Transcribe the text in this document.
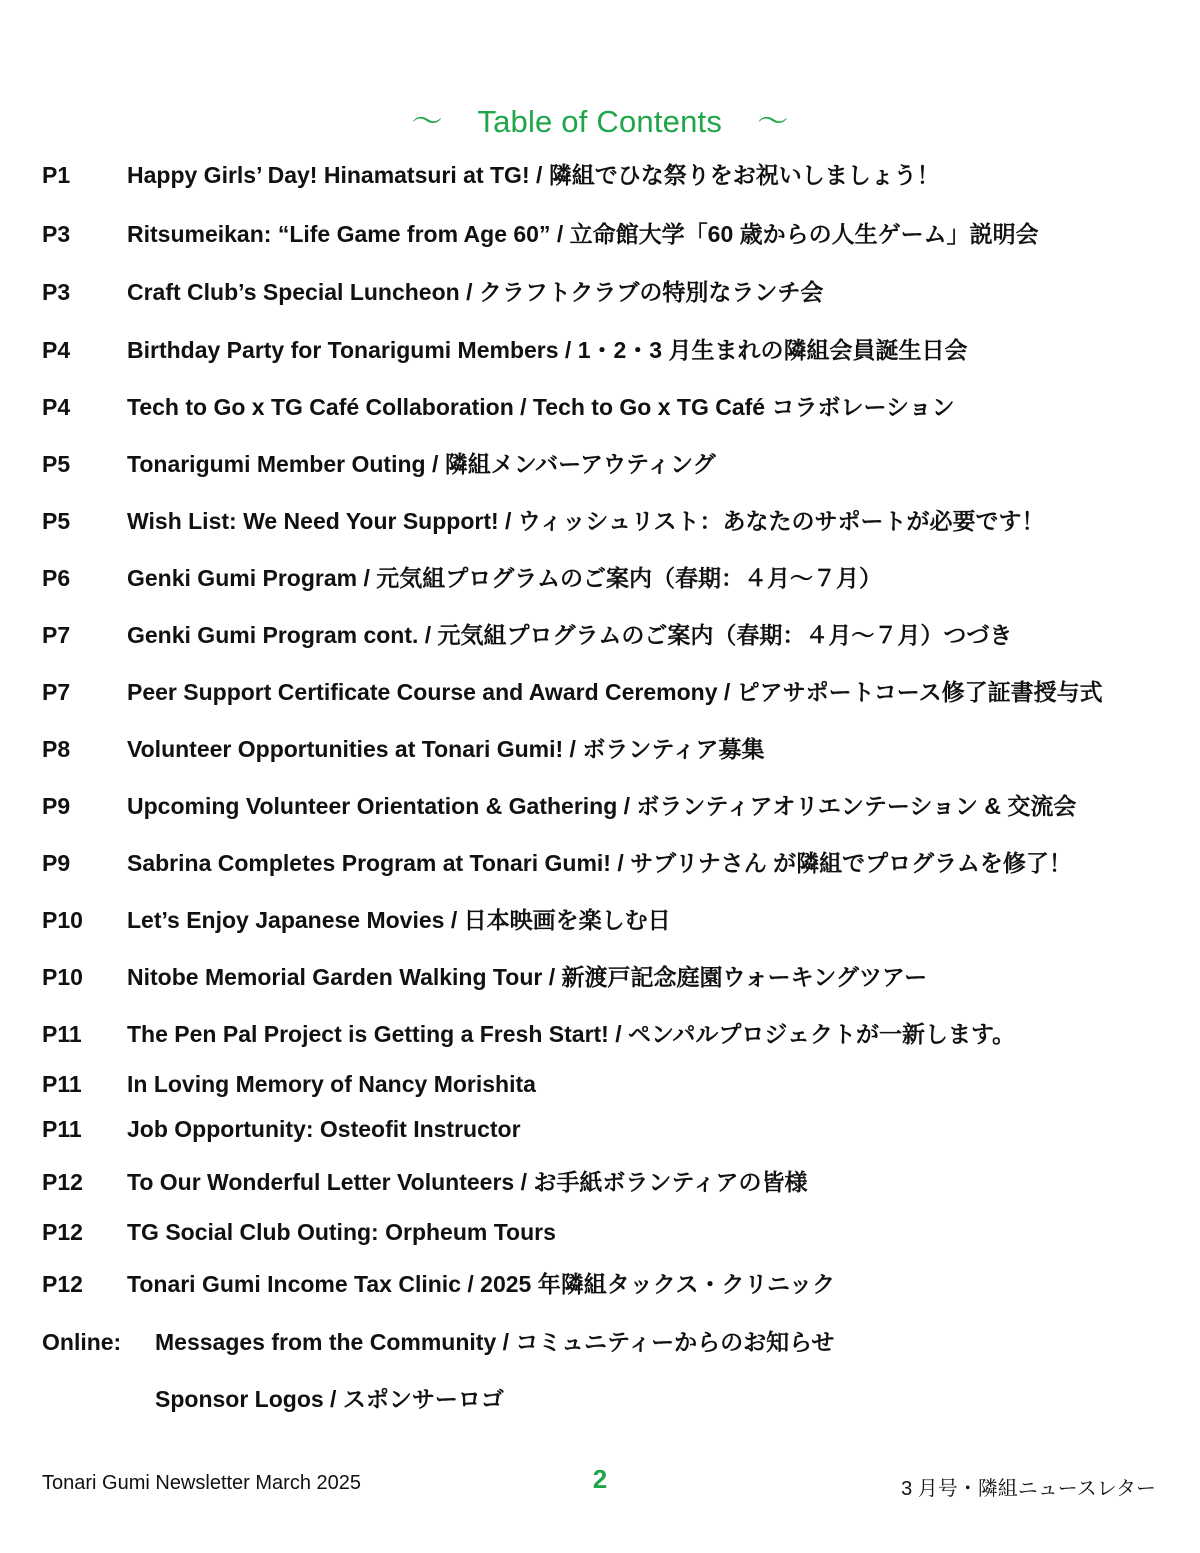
～    Table of Contents    ～
P1 Happy Girls’ Day! Hinamatsuri at TG! / 隣組でひな祭りをお祝いしましょう！
P3 Ritsumeikan: “Life Game from Age 60” / 立命館大学「60 歳からの人生ゲーム」説明会
P3 Craft Club’s Special Luncheon / クラフトクラブの特別なランチ会
P4 Birthday Party for Tonarigumi Members / 1・2・3 月生まれの隣組会員誕生日会
P4 Tech to Go x TG Café Collaboration / Tech to Go x TG Café コラボレーション
P5 Tonarigumi Member Outing / 隣組メンバーアウティング
P5 Wish List: We Need Your Support! / ウィッシュリスト：あなたのサポートが必要です！
P6 Genki Gumi Program / 元気組プログラムのご案内（春期：４月～７月）
P7 Genki Gumi Program cont. / 元気組プログラムのご案内（春期：４月～７月）つづき
P7 Peer Support Certificate Course and Award Ceremony / ピアサポートコース修了証書授与式
P8 Volunteer Opportunities at Tonari Gumi! / ボランティア募集
P9 Upcoming Volunteer Orientation & Gathering / ボランティアオリエンテーション & 交流会
P9 Sabrina Completes Program at Tonari Gumi! / サブリナさん が隣組でプログラムを修了！
P10 Let’s Enjoy Japanese Movies / 日本映画を楽しむ日
P10 Nitobe Memorial Garden Walking Tour / 新渡戸記念庭園ウォーキングツアー
P11 The Pen Pal Project is Getting a Fresh Start! / ペンパルプロジェクトが一新します。
P11 In Loving Memory of Nancy Morishita
P11 Job Opportunity: Osteofit Instructor
P12 To Our Wonderful Letter Volunteers / お手紙ボランティアの皆様
P12 TG Social Club Outing: Orpheum Tours
P12 Tonari Gumi Income Tax Clinic / 2025 年隣組タックス・クリニック
Online: Messages from the Community / コミュニティーからのお知らせ
Sponsor Logos / スポンサーロゴ
Tonari Gumi Newsletter March 2025	2	3 月号・隣組ニュースレター
